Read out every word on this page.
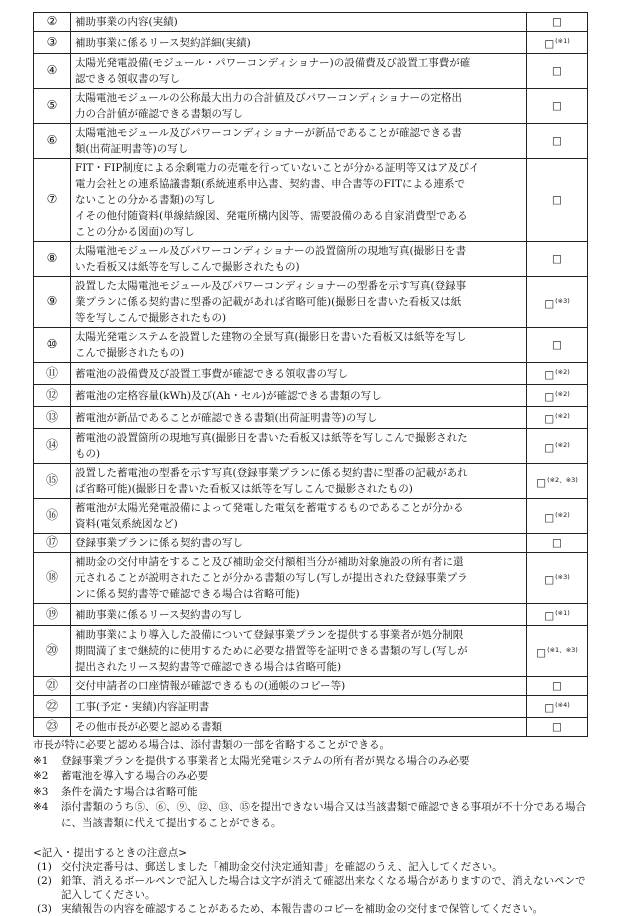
②	補助事業の内容(実績)	□
③	補助事業に係るリース契約詳細(実績)	□$^{(※1)}$
④	太陽光発電設備(モジュール・パワーコンディショナー)の設備費及び設置工事費が確
認できる領収書の写し	□
⑤	太陽電池モジュールの公称最大出力の合計値及びパワーコンディショナーの定格出
力の合計値が確認できる書類の写し	□
⑥	太陽電池モジュール及びパワーコンディショナーが新品であることが確認できる書
類(出荷証明書等)の写し	□
⑦	FIT・FIP制度による余剰電力の売電を行っていないことが分かる証明等又はア及びイ
電力会社との連系協議書類(系統連系申込書、契約書、申合書等のFITによる連系で
ないことの分かる書類)の写し
イその他付随資料(単線結線図、発電所構内図等、需要設備のある自家消費型である
ことの分かる図面)の写し	□
⑧	太陽電池モジュール及びパワーコンディショナーの設置箇所の現地写真(撮影日を書
いた看板又は紙等を写しこんで撮影されたもの)	□
⑨	設置した太陽電池モジュール及びパワーコンディショナーの型番を示す写真(登録事
業プランに係る契約書に型番の記載があれば省略可能)(撮影日を書いた看板又は紙
等を写しこんで撮影されたもの)	□$^{(※3)}$
⑩	太陽光発電システムを設置した建物の全景写真(撮影日を書いた看板又は紙等を写し
こんで撮影されたもの)	□
⑪	蓄電池の設備費及び設置工事費が確認できる領収書の写し	□$^{(※2)}$
⑫	蓄電池の定格容量(kWh)及び(Ah・セル)が確認できる書類の写し	□$^{(※2)}$
⑬	蓄電池が新品であることが確認できる書類(出荷証明書等)の写し	□$^{(※2)}$
⑭	蓄電池の設置箇所の現地写真(撮影日を書いた看板又は紙等を写しこんで撮影された
もの)	□$^{(※2)}$
⑮	設置した蓄電池の型番を示す写真(登録事業プランに係る契約書に型番の記載があれ
ば省略可能)(撮影日を書いた看板又は紙等を写しこんで撮影されたもの)	□$^{(※2、※3)}$
⑯	蓄電池が太陽光発電設備によって発電した電気を蓄電するものであることが分かる
資料(電気系統図など)	□$^{(※2)}$
⑰	登録事業プランに係る契約書の写し	□
⑱	補助金の交付申請をすること及び補助金交付額相当分が補助対象施設の所有者に還
元されることが説明されたことが分かる書類の写し(写しが提出された登録事業プラ
ンに係る契約書等で確認できる場合は省略可能)	□$^{(※3)}$
⑲	補助事業に係るリース契約書の写し	□$^{(※1)}$
⑳	補助事業により導入した設備について登録事業プランを提供する事業者が処分制限
期間満了まで継続的に使用するために必要な措置等を証明できる書類の写し(写しが
提出されたリース契約書等で確認できる場合は省略可能)	□$^{(※1、※3)}$
㉑	交付申請者の口座情報が確認できるもの(通帳のコピー等)	□
㉒	工事(予定・実績)内容証明書	□$^{(※4)}$
㉓	その他市長が必要と認める書類	□
市長が特に必要と認める場合は、添付書類の一部を省略することができる。
※1	登録事業プランを提供する事業者と太陽光発電システムの所有者が異なる場合のみ必要
※2	蓄電池を導入する場合のみ必要
※3	条件を満たす場合は省略可能
※4	添付書類のうち⑤、⑥、⑨、⑫、⑬、⑮を提出できない場合又は当該書類で確認できる事項が不十分である場合に、当該書類に代えて提出することができる。
<記入・提出するときの注意点>
(1) 交付決定番号は、郵送しました「補助金交付決定通知書」を確認のうえ、記入してください。
(2) 鉛筆、消えるボールペンで記入した場合は文字が消えて確認出来なくなる場合がありますので、消えないペンで記入してください。
(3) 実績報告の内容を確認することがあるため、本報告書のコピーを補助金の交付まで保管してください。
